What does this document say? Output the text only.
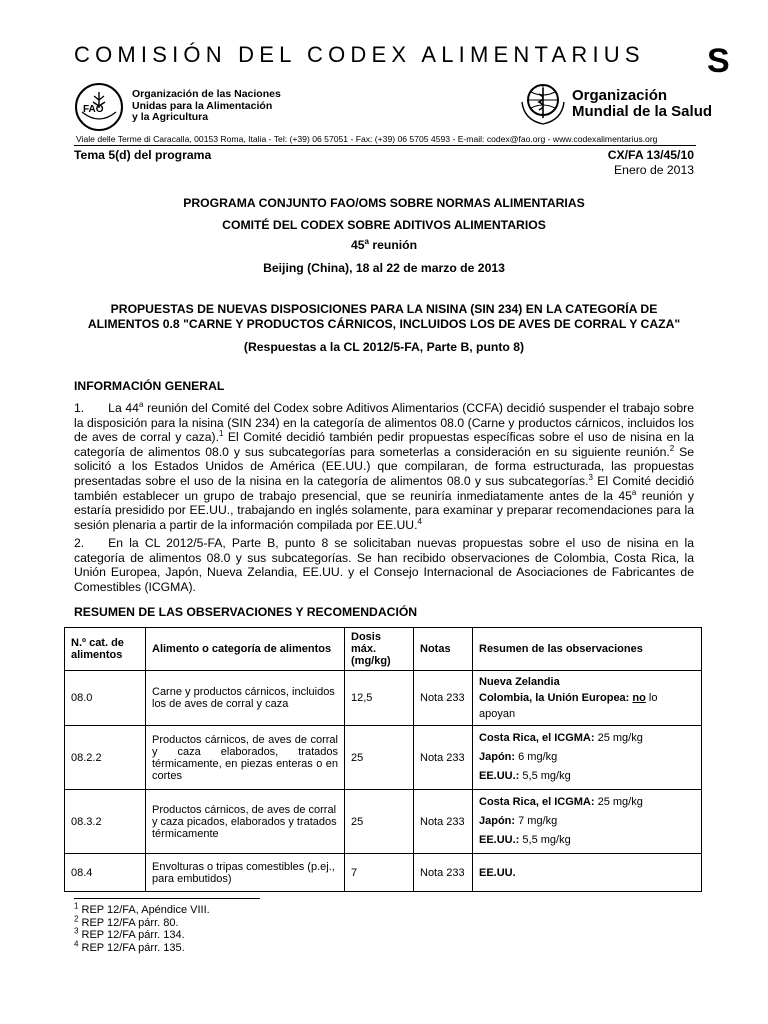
COMISIÓN DEL CODEX ALIMENTARIUS	S
FAO
Organización de las Naciones
Unidas para la Alimentación
y la Agricultura
Organización
Mundial de la Salud
Viale delle Terme di Caracalla, 00153 Roma, Italia - Tel: (+39) 06 57051 - Fax: (+39) 06 5705 4593 - E-mail: codex@fao.org - www.codexalimentarius.org
Tema 5(d) del programa	CX/FA 13/45/10
Enero de 2013
PROGRAMA CONJUNTO FAO/OMS SOBRE NORMAS ALIMENTARIAS
COMITÉ DEL CODEX SOBRE ADITIVOS ALIMENTARIOS
45$^a$ reunión
Beijing (China), 18 al 22 de marzo de 2013
PROPUESTAS DE NUEVAS DISPOSICIONES PARA LA NISINA (SIN 234) EN LA CATEGORÍA DE
ALIMENTOS 0.8 "CARNE Y PRODUCTOS CÁRNICOS, INCLUIDOS LOS DE AVES DE CORRAL Y CAZA"
(Respuestas a la CL 2012/5-FA, Parte B, punto 8)
INFORMACIÓN GENERAL
1. La 44$^a$ reunión del Comité del Codex sobre Aditivos Alimentarios (CCFA) decidió suspender el trabajo sobre la disposición para la nisina (SIN 234) en la categoría de alimentos 08.0 (Carne y productos cárnicos, incluidos los de aves de corral y caza).$^1$ El Comité decidió también pedir propuestas específicas sobre el uso de nisina en la categoría de alimentos 08.0 y sus subcategorías para someterlas a consideración en su siguiente reunión.$^2$ Se solicitó a los Estados Unidos de América (EE.UU.) que compilaran, de forma estructurada, las propuestas presentadas sobre el uso de la nisina en la categoría de alimentos 08.0 y sus subcategorías.$^3$ El Comité decidió también establecer un grupo de trabajo presencial, que se reuniría inmediatamente antes de la 45$^a$ reunión y estaría presidido por EE.UU., trabajando en inglés solamente, para examinar y preparar recomendaciones para la sesión plenaria a partir de la información compilada por EE.UU.$^4$
2. En la CL 2012/5-FA, Parte B, punto 8 se solicitaban nuevas propuestas sobre el uso de nisina en la categoría de alimentos 08.0 y sus subcategorías. Se han recibido observaciones de Colombia, Costa Rica, la Unión Europea, Japón, Nueva Zelandia, EE.UU. y el Consejo Internacional de Asociaciones de Fabricantes de Comestibles (ICGMA).
RESUMEN DE LAS OBSERVACIONES Y RECOMENDACIÓN
N.º cat. de alimentos	Alimento o categoría de alimentos	Dosis máx. (mg/kg)	Notas	Resumen de las observaciones
08.0	Carne y productos cárnicos, incluidos los de aves de corral y caza	12,5	Nota 233	Nueva Zelandia
Colombia, la Unión Europea: no lo apoyan

08.2.2	Productos cárnicos, de aves de corral y caza elaborados, tratados térmicamente, en piezas enteras o en cortes	25	Nota 233	Costa Rica, el ICGMA: 25 mg/kg
Japón: 6 mg/kg
EE.UU.: 5,5 mg/kg

08.3.2	Productos cárnicos, de aves de corral y caza picados, elaborados y tratados térmicamente	25	Nota 233	Costa Rica, el ICGMA: 25 mg/kg
Japón: 7 mg/kg
EE.UU.: 5,5 mg/kg

08.4	Envolturas o tripas comestibles (p.ej., para embutidos)	7	Nota 233	EE.UU.
$^1$ REP 12/FA, Apéndice VIII.
$^2$ REP 12/FA párr. 80.
$^3$ REP 12/FA párr. 134.
$^4$ REP 12/FA párr. 135.
